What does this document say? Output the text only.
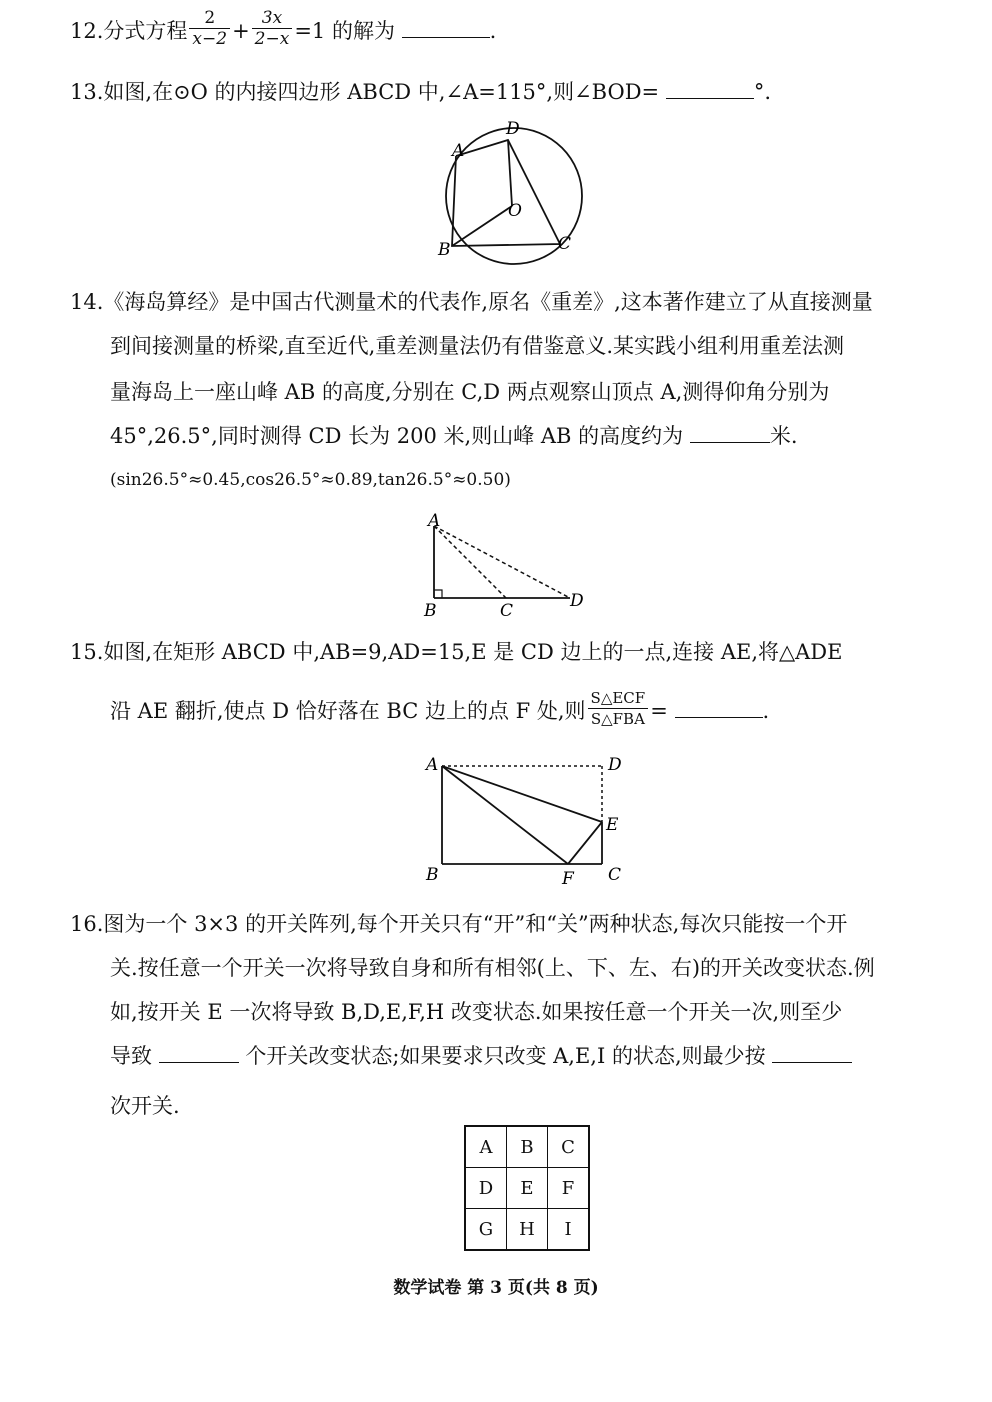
12.分式方程 $\frac{2}{x-2} + \frac{3x}{2-x} =1$ 的解为	.
13.如图,在⊙O 的内接四边形 ABCD 中,∠A=115°,则∠BOD=	°.
A
D
O
B	C
14.《海岛算经》是中国古代测量术的代表作,原名《重差》,这本著作建立了从直接测量
到间接测量的桥梁,直至近代,重差测量法仍有借鉴意义.某实践小组利用重差法测
量海岛上一座山峰 AB 的高度,分别在 C,D 两点观察山顶点 A,测得仰角分别为
45°,26.5°,同时测得 CD 长为 200 米,则山峰 AB 的高度约为	米.
(sin26.5°≈0.45,cos26.5°≈0.89,tan26.5°≈0.50)
A
B	C	D
15.如图,在矩形 ABCD 中,AB=9,AD=15,E 是 CD 边上的一点,连接 AE,将△ADE
沿 AE 翻折,使点 D 恰好落在 BC 边上的点 F 处,则 $\frac{\text{S△ECF}}{\text{S△FBA}}$ =	.
A	D
E
B	F C
16.图为一个 3×3 的开关阵列,每个开关只有“开”和“关”两种状态,每次只能按一个开
关.按任意一个开关一次将导致自身和所有相邻(上、下、左、右)的开关改变状态.例
如,按开关 E 一次将导致 B,D,E,F,H 改变状态.如果按任意一个开关一次,则至少
导致	个开关改变状态;如果要求只改变 A,E,I 的状态,则最少按
次开关.
A	B	C
D	E	F
G	H	I
数学试卷 第 3 页(共 8 页)
